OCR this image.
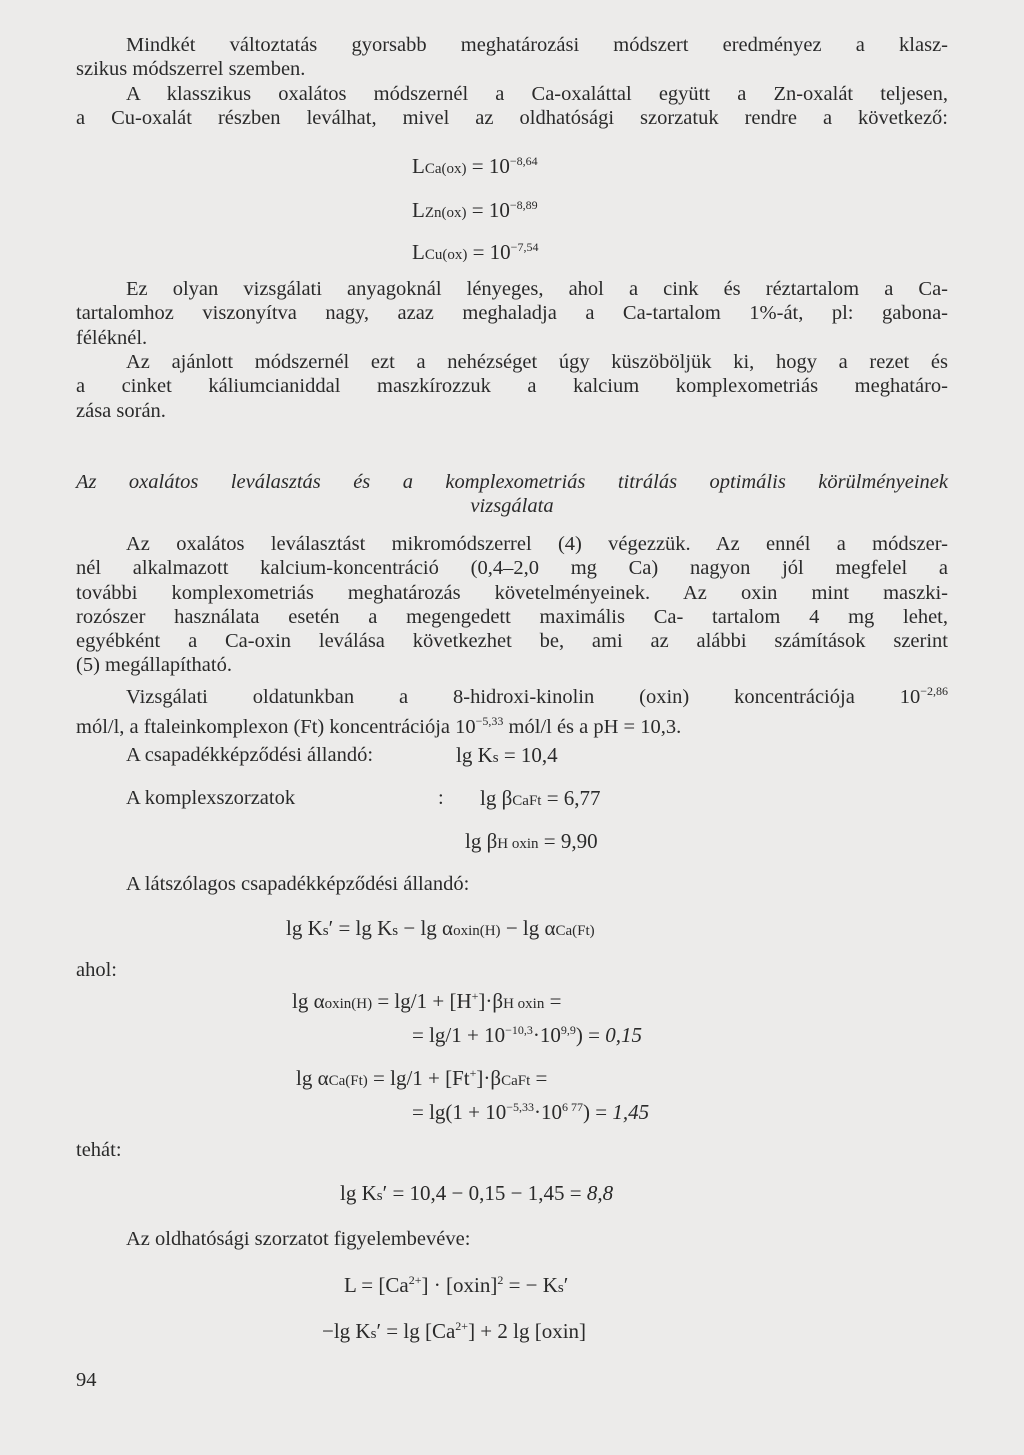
Mindkét változtatás gyorsabb meghatározási módszert eredményez a klasz-
szikus módszerrel szemben.
A klasszikus oxalátos módszernél a Ca-oxaláttal együtt a Zn-oxalát teljesen,
a Cu-oxalát részben leválhat, mivel az oldhatósági szorzatuk rendre a következő:
$LCa(ox) = 10^{-8,64}$
$LZn(ox) = 10^{-8,89}$
$LCu(ox) = 10^{-7,54}$
Ez olyan vizsgálati anyagoknál lényeges, ahol a cink és réztartalom a Ca-
tartalomhoz viszonyítva nagy, azaz meghaladja a Ca-tartalom 1%-át, pl: gabona-
féléknél.
Az ajánlott módszernél ezt a nehézséget úgy küszöböljük ki, hogy a rezet és
a cinket káliumcianiddal maszkírozzuk a kalcium komplexometriás meghatáro-
zása során.
Az oxalátos leválasztás és a komplexometriás titrálás optimális körülményeinek
vizsgálata
Az oxalátos leválasztást mikromódszerrel (4) végezzük. Az ennél a módszer-
nél alkalmazott kalcium-koncentráció (0,4–2,0 mg Ca) nagyon jól megfelel a
további komplexometriás meghatározás követelményeinek. Az oxin mint maszki-
rozószer használata esetén a megengedett maximális Ca- tartalom 4 mg lehet,
egyébként a Ca-oxin leválása következhet be, ami az alábbi számítások szerint
(5) megállapítható.
Vizsgálati oldatunkban a 8-hidroxi-kinolin (oxin) koncentrációja $10^{-2,86}$
mól/l, a ftaleinkomplexon (Ft) koncentrációja $10^{-5,33}$ mól/l és a pH = 10,3.
A csapadékképződési állandó:	lg Ks = 10,4
A komplexszorzatok	: lg βCaFt = 6,77
lg βH oxin = 9,90
A látszólagos csapadékképződési állandó:
lg Ks′ = lg Ks − lg αoxin(H) − lg αCa(Ft)
ahol:
lg αoxin(H) = lg/1 + [H+]·βH oxin =
= $\lg/1 + 10^{-10,3}\cdot 10^{9,9}) = 0,15$
lg αCa(Ft) = lg/1 + [Ft+]·βCaFt =
= $\lg(1 + 10^{-5,33}\cdot 10^{6 77}) = 1,45$
tehát:
lg Ks′ = 10,4 − 0,15 − 1,45 = 8,8
Az oldhatósági szorzatot figyelembevéve:
$L = [Ca^{2+}]$ · [oxin]$^2$ = − Ks′
−lg $Ks' = \lg [Ca^{2+}] + 2$ lg [oxin]
94
